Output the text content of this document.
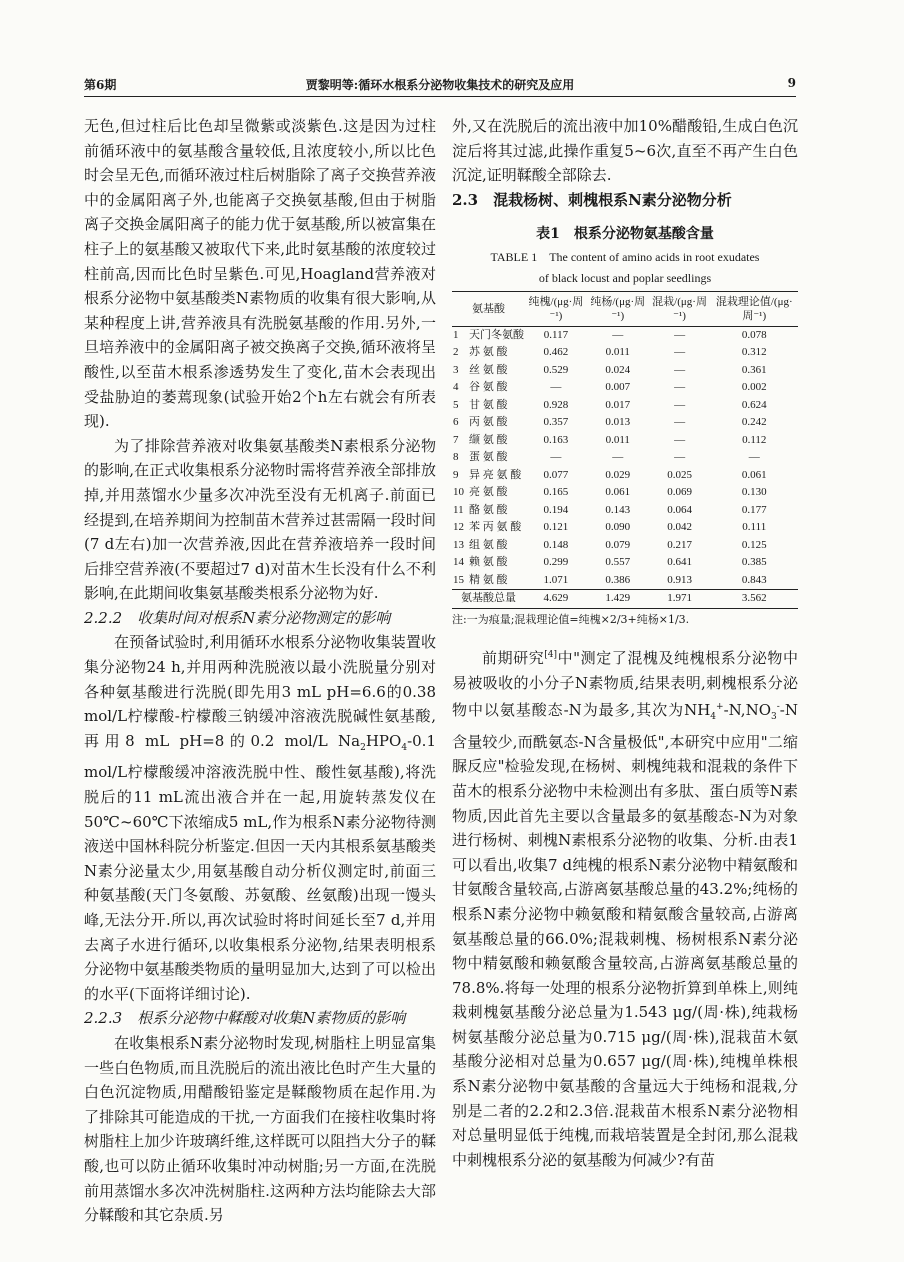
第6期	贾黎明等:循环水根系分泌物收集技术的研究及应用	9

无色,但过柱后比色却呈微紫或淡紫色.这是因为过柱前循环液中的氨基酸含量较低,且浓度较小,所以比色时会呈无色,而循环液过柱后树脂除了离子交换营养液中的金属阳离子外,也能离子交换氨基酸,但由于树脂离子交换金属阳离子的能力优于氨基酸,所以被富集在柱子上的氨基酸又被取代下来,此时氨基酸的浓度较过柱前高,因而比色时呈紫色.可见,Hoagland营养液对根系分泌物中氨基酸类N素物质的收集有很大影响,从某种程度上讲,营养液具有洗脱氨基酸的作用.另外,一旦培养液中的金属阳离子被交换离子交换,循环液将呈酸性,以至苗木根系渗透势发生了变化,苗木会表现出受盐胁迫的萎蔫现象(试验开始2个h左右就会有所表现).

为了排除营养液对收集氨基酸类N素根系分泌物的影响,在正式收集根系分泌物时需将营养液全部排放掉,并用蒸馏水少量多次冲洗至没有无机离子.前面已经提到,在培养期间为控制苗木营养过甚需隔一段时间(7 d左右)加一次营养液,因此在营养液培养一段时间后排空营养液(不要超过7 d)对苗木生长没有什么不利影响,在此期间收集氨基酸类根系分泌物为好.

2.2.2　收集时间对根系N素分泌物测定的影响

在预备试验时,利用循环水根系分泌物收集装置收集分泌物24 h,并用两种洗脱液以最小洗脱量分别对各种氨基酸进行洗脱(即先用3 mL pH=6.6的0.38 mol/L柠檬酸-柠檬酸三钠缓冲溶液洗脱碱性氨基酸,再用8 mL pH=8的0.2 mol/L $Na_2HPO_4-0.1$ mol/L柠檬酸缓冲溶液洗脱中性、酸性氨基酸),将洗脱后的11 mL流出液合并在一起,用旋转蒸发仪在50℃~60℃下浓缩成5 mL,作为根系N素分泌物待测液送中国林科院分析鉴定.但因一天内其根系氨基酸类N素分泌量太少,用氨基酸自动分析仪测定时,前面三种氨基酸(天门冬氨酸、苏氨酸、丝氨酸)出现一馒头峰,无法分开.所以,再次试验时将时间延长至7 d,并用去离子水进行循环,以收集根系分泌物,结果表明根系分泌物中氨基酸类物质的量明显加大,达到了可以检出的水平(下面将详细讨论).

2.2.3　根系分泌物中鞣酸对收集N素物质的影响

在收集根系N素分泌物时发现,树脂柱上明显富集一些白色物质,而且洗脱后的流出液比色时产生大量的白色沉淀物质,用醋酸铅鉴定是鞣酸物质在起作用.为了排除其可能造成的干扰,一方面我们在接柱收集时将树脂柱上加少许玻璃纤维,这样既可以阻挡大分子的鞣酸,也可以防止循环收集时冲动树脂;另一方面,在洗脱前用蒸馏水多次冲洗树脂柱.这两种方法均能除去大部分鞣酸和其它杂质.另

外,又在洗脱后的流出液中加10%醋酸铅,生成白色沉淀后将其过滤,此操作重复5~6次,直至不再产生白色沉淀,证明鞣酸全部除去.

2.3　混栽杨树、刺槐根系N素分泌物分析

表1　根系分泌物氨基酸含量
TABLE 1　The content of amino acids in root exudates
of black locust and poplar seedlings
氨基酸		纯槐/(μg·周⁻¹)	纯杨/(μg·周⁻¹)	混栽/(μg·周⁻¹)	混栽理论值/(μg·周⁻¹)
1	天门冬氨酸	0.117	—	—	0.078
2	苏 氨 酸	0.462	0.011	—	0.312
3	丝 氨 酸	0.529	0.024	—	0.361
4	谷 氨 酸	—	0.007	—	0.002
5	甘 氨 酸	0.928	0.017	—	0.624
6	丙 氨 酸	0.357	0.013	—	0.242
7	缬 氨 酸	0.163	0.011	—	0.112
8	蛋 氨 酸	—	—	—	—
9	异 亮 氨 酸	0.077	0.029	0.025	0.061
10	亮 氨 酸	0.165	0.061	0.069	0.130
11	酪 氨 酸	0.194	0.143	0.064	0.177
12	苯 丙 氨 酸	0.121	0.090	0.042	0.111
13	组 氨 酸	0.148	0.079	0.217	0.125
14	赖 氨 酸	0.299	0.557	0.641	0.385
15	精 氨 酸	1.071	0.386	0.913	0.843
氨基酸总量		4.629	1.429	1.971	3.562
注:一为痕量;混栽理论值=纯槐×2/3+纯杨×1/3.

前期研究[4]中"测定了混槐及纯槐根系分泌物中易被吸收的小分子N素物质,结果表明,刺槐根系分泌物中以氨基酸态-N为最多,其次为$NH_4^+-N,NO_3^--N$含量较少,而酰氨态-N含量极低",本研究中应用"二缩脲反应"检验发现,在杨树、刺槐纯栽和混栽的条件下苗木的根系分泌物中未检测出有多肽、蛋白质等N素物质,因此首先主要以含量最多的氨基酸态-N为对象进行杨树、刺槐N素根系分泌物的收集、分析.由表1可以看出,收集7 d纯槐的根系N素分泌物中精氨酸和甘氨酸含量较高,占游离氨基酸总量的43.2%;纯杨的根系N素分泌物中赖氨酸和精氨酸含量较高,占游离氨基酸总量的66.0%;混栽刺槐、杨树根系N素分泌物中精氨酸和赖氨酸含量较高,占游离氨基酸总量的78.8%.将每一处理的根系分泌物折算到单株上,则纯栽刺槐氨基酸分泌总量为1.543 μg/(周·株),纯栽杨树氨基酸分泌总量为0.715 μg/(周·株),混栽苗木氨基酸分泌相对总量为0.657 μg/(周·株),纯槐单株根系N素分泌物中氨基酸的含量远大于纯杨和混栽,分别是二者的2.2和2.3倍.混栽苗木根系N素分泌物相对总量明显低于纯槐,而栽培装置是全封闭,那么混栽中刺槐根系分泌的氨基酸为何减少?有苗
